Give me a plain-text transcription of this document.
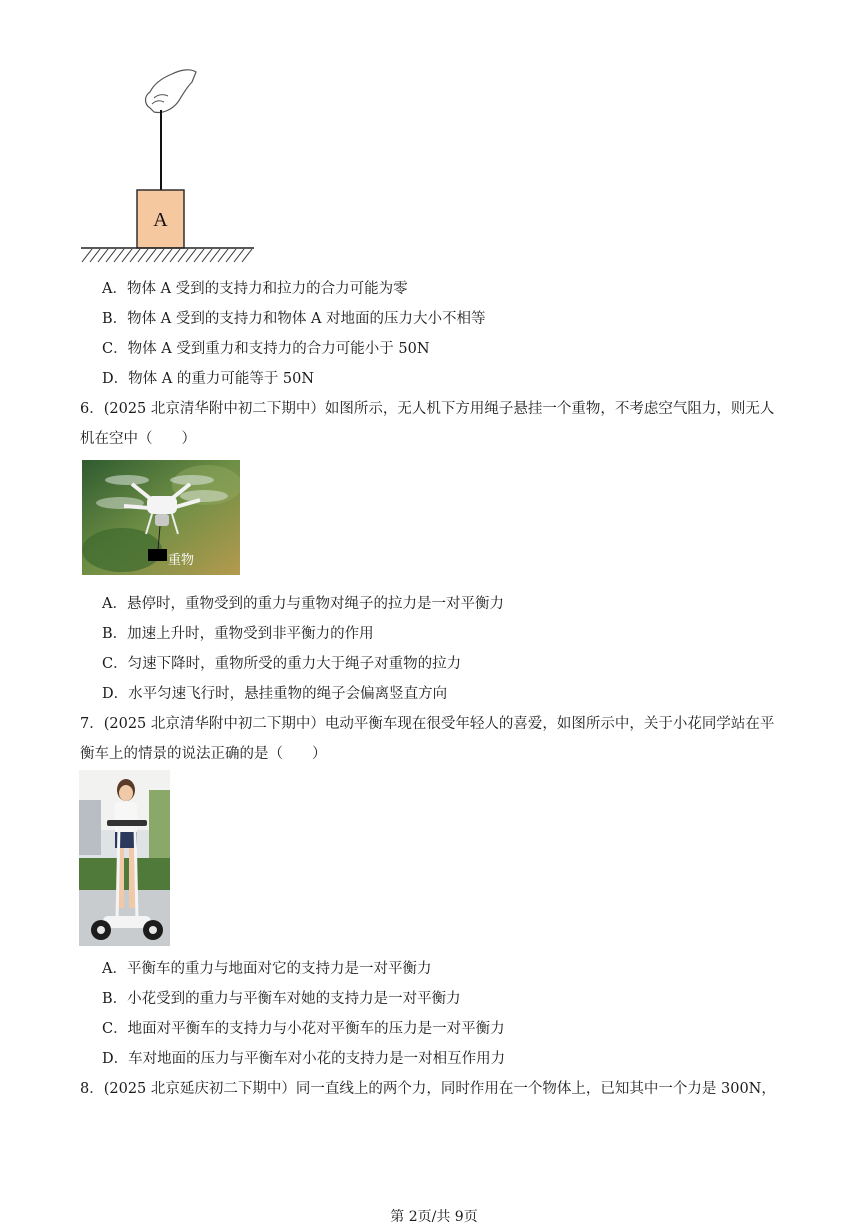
A
A．物体 A 受到的支持力和拉力的合力可能为零
B．物体 A 受到的支持力和物体 A 对地面的压力大小不相等
C．物体 A 受到重力和支持力的合力可能小于 50N
D．物体 A 的重力可能等于 50N
6．(2025 北京清华附中初二下期中）如图所示，无人机下方用绳子悬挂一个重物，不考虑空气阻力，则无人
机在空中（　　）
重物
A．悬停时，重物受到的重力与重物对绳子的拉力是一对平衡力
B．加速上升时，重物受到非平衡力的作用
C．匀速下降时，重物所受的重力大于绳子对重物的拉力
D．水平匀速飞行时，悬挂重物的绳子会偏离竖直方向
7．(2025 北京清华附中初二下期中）电动平衡车现在很受年轻人的喜爱，如图所示中，关于小花同学站在平
衡车上的情景的说法正确的是（　　）
A．平衡车的重力与地面对它的支持力是一对平衡力
B．小花受到的重力与平衡车对她的支持力是一对平衡力
C．地面对平衡车的支持力与小花对平衡车的压力是一对平衡力
D．车对地面的压力与平衡车对小花的支持力是一对相互作用力
8．(2025 北京延庆初二下期中）同一直线上的两个力，同时作用在一个物体上，已知其中一个力是 300N，
第 2页/共 9页
